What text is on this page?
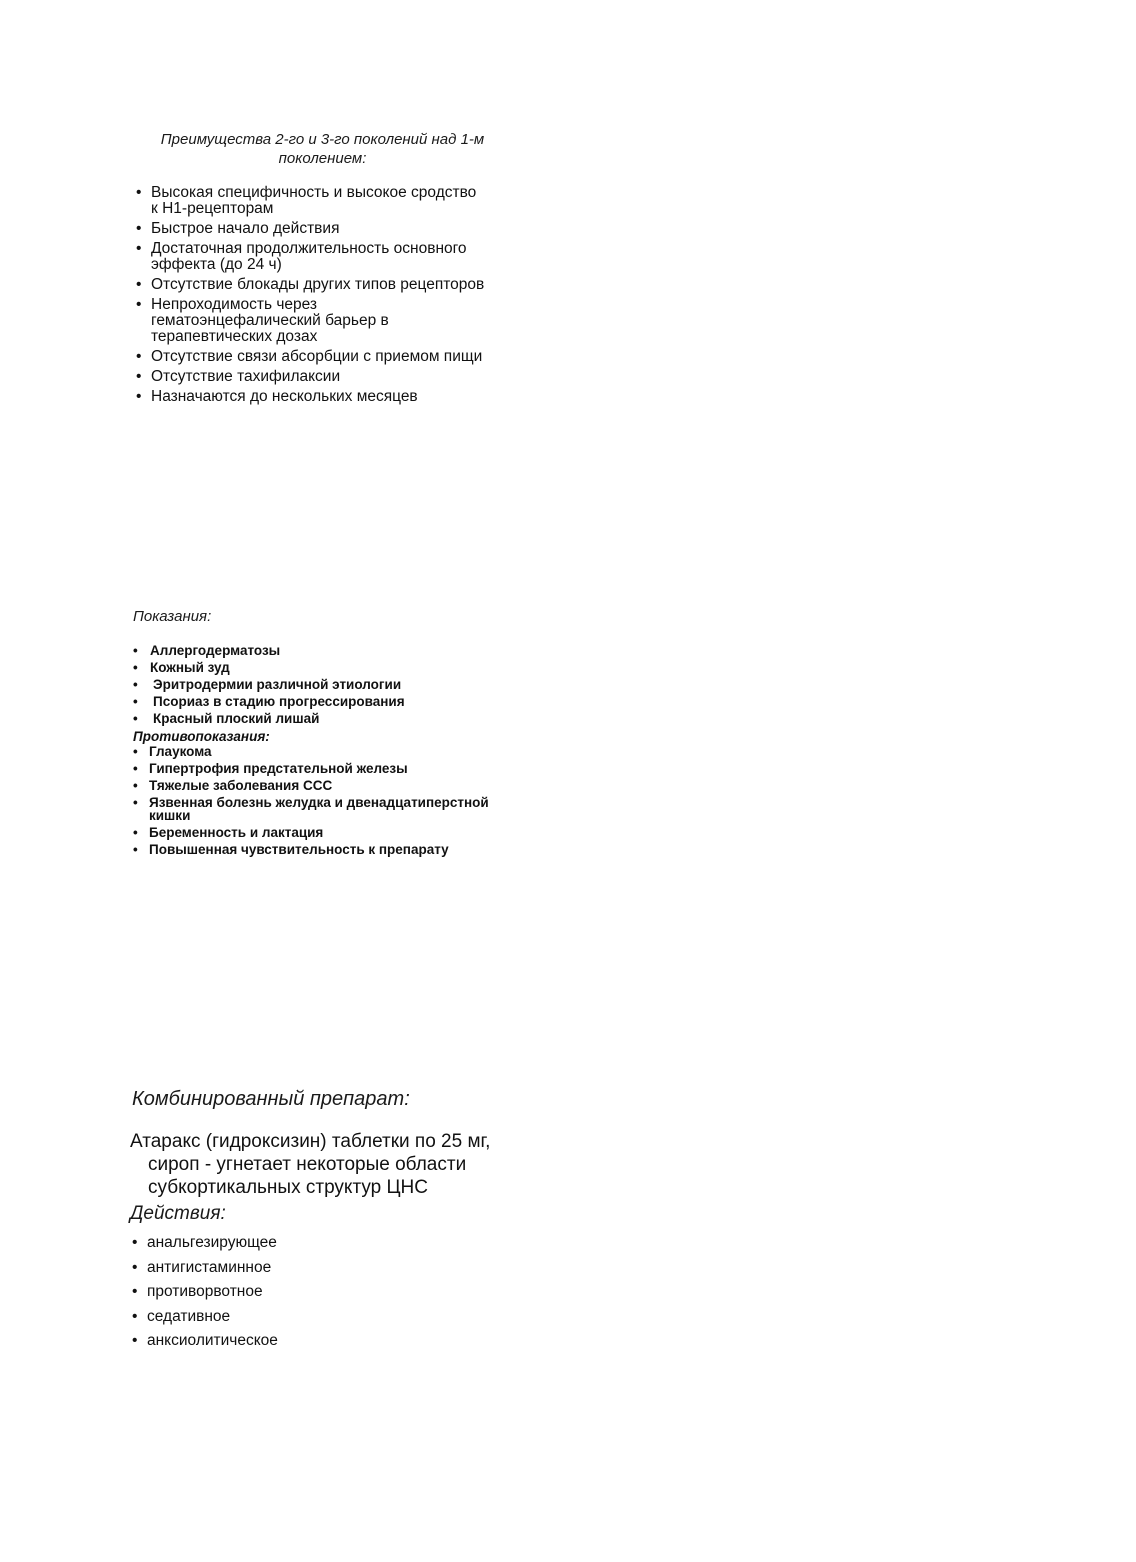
Преимущества 2-го и 3-го поколений над 1-м
поколением:
• Высокая специфичность и высокое сродство
к H1-рецепторам
• Быстрое начало действия
• Достаточная продолжительность основного
эффекта (до 24 ч)
• Отсутствие блокады других типов рецепторов
• Непроходимость через
гематоэнцефалический барьер в
терапевтических дозах
• Отсутствие связи абсорбции с приемом пищи
• Отсутствие тахифилаксии
• Назначаются до нескольких месяцев
Показания:
• Аллергодерматозы
• Кожный зуд
• Эритродермии различной этиологии
• Псориаз в стадию прогрессирования
• Красный плоский лишай
Противопоказания:
• Глаукома
• Гипертрофия предстательной железы
• Тяжелые заболевания ССС
• Язвенная болезнь желудка и двенадцатиперстной
кишки
• Беременность и лактация
• Повышенная чувствительность к препарату
Комбинированный препарат:
Атаракс (гидроксизин) таблетки по 25 мг,
сироп - угнетает некоторые области
субкортикальных структур ЦНС
Действия:
• анальгезирующее
• антигистаминное
• противорвотное
• седативное
• анксиолитическое
